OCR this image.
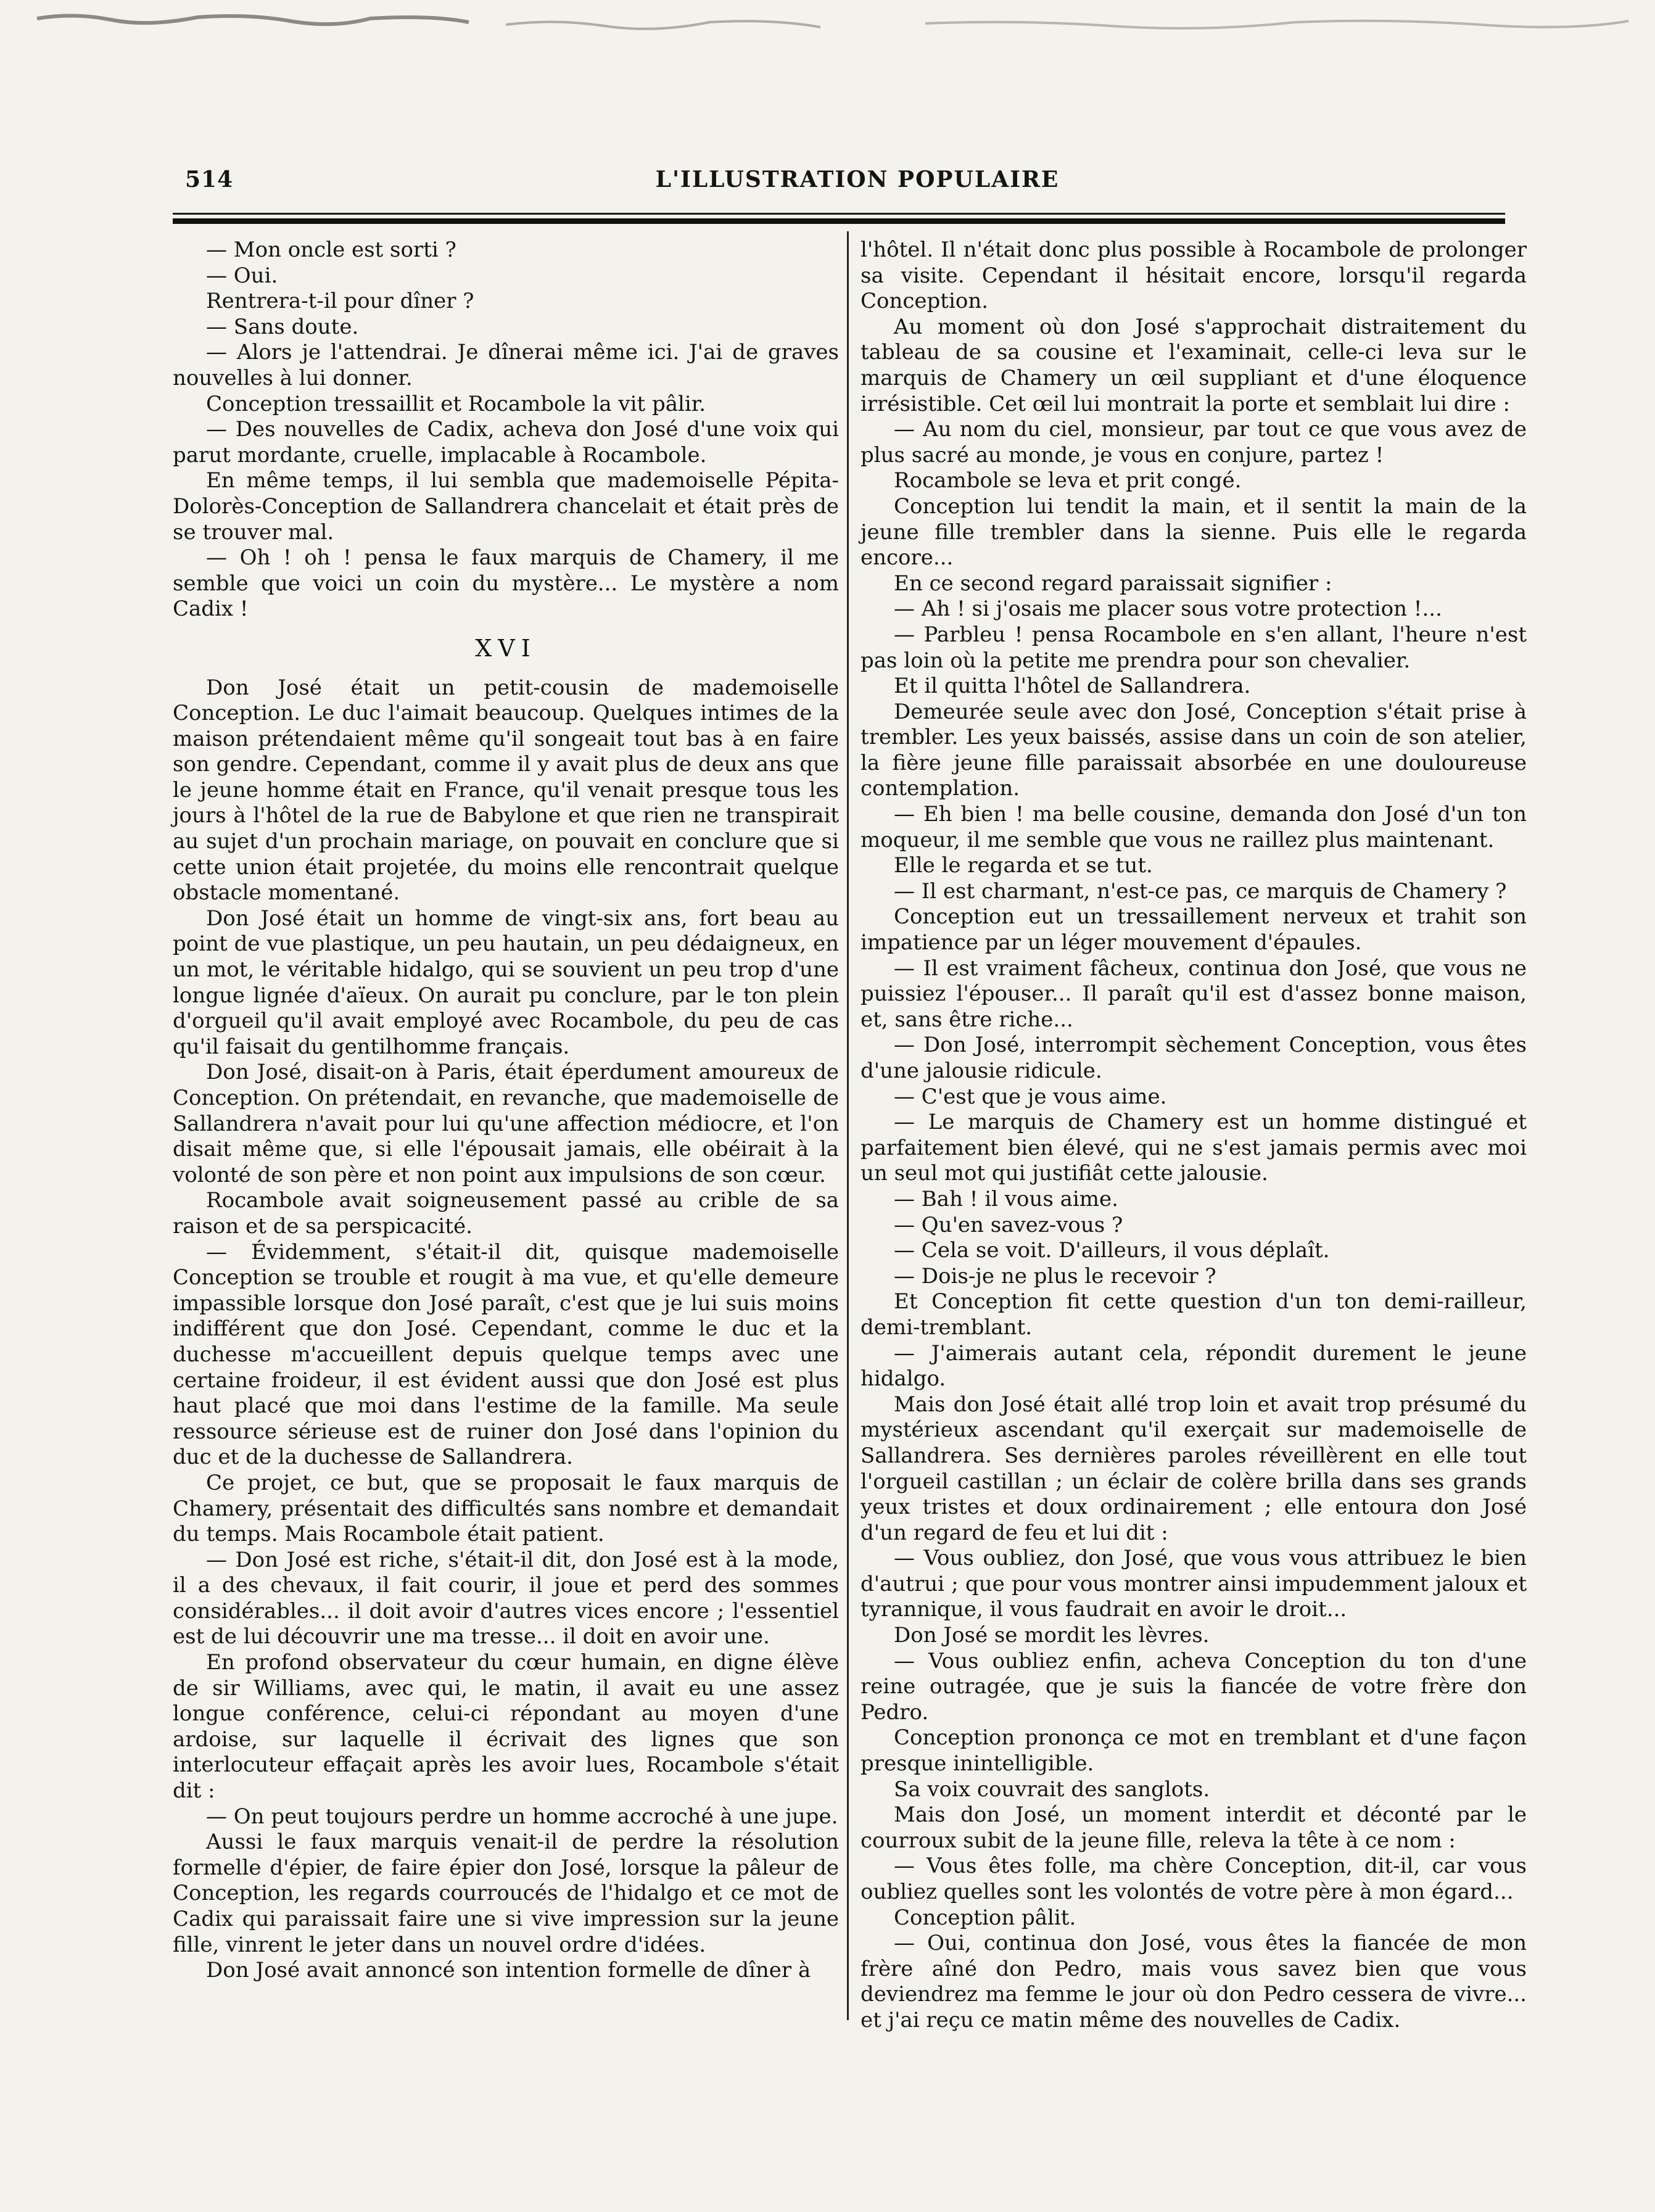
514	L'ILLUSTRATION POPULAIRE

— Mon oncle est sorti ?

— Oui.

Rentrera-t-il pour dîner ?

— Sans doute.

— Alors je l'attendrai. Je dînerai même ici. J'ai de graves nouvelles à lui donner.

Conception tressaillit et Rocambole la vit pâlir.

— Des nouvelles de Cadix, acheva don José d'une voix qui parut mordante, cruelle, implacable à Rocambole.

En même temps, il lui sembla que mademoiselle Pépita-Dolorès-Conception de Sallandrera chancelait et était près de se trouver mal.

— Oh ! oh ! pensa le faux marquis de Chamery, il me semble que voici un coin du mystère... Le mystère a nom Cadix !

XVI

Don José était un petit-cousin de mademoiselle Conception. Le duc l'aimait beaucoup. Quelques intimes de la maison prétendaient même qu'il songeait tout bas à en faire son gendre. Cependant, comme il y avait plus de deux ans que le jeune homme était en France, qu'il venait presque tous les jours à l'hôtel de la rue de Babylone et que rien ne transpirait au sujet d'un prochain mariage, on pouvait en conclure que si cette union était projetée, du moins elle rencontrait quelque obstacle momentané.

Don José était un homme de vingt-six ans, fort beau au point de vue plastique, un peu hautain, un peu dédaigneux, en un mot, le véritable hidalgo, qui se souvient un peu trop d'une longue lignée d'aïeux. On aurait pu conclure, par le ton plein d'orgueil qu'il avait employé avec Rocambole, du peu de cas qu'il faisait du gentilhomme français.

Don José, disait-on à Paris, était éperdument amoureux de Conception. On prétendait, en revanche, que mademoiselle de Sallandrera n'avait pour lui qu'une affection médiocre, et l'on disait même que, si elle l'épousait jamais, elle obéirait à la volonté de son père et non point aux impulsions de son cœur.

Rocambole avait soigneusement passé au crible de sa raison et de sa perspicacité.

— Évidemment, s'était-il dit, quisque mademoiselle Conception se trouble et rougit à ma vue, et qu'elle demeure impassible lorsque don José paraît, c'est que je lui suis moins indifférent que don José. Cependant, comme le duc et la duchesse m'accueillent depuis quelque temps avec une certaine froideur, il est évident aussi que don José est plus haut placé que moi dans l'estime de la famille. Ma seule ressource sérieuse est de ruiner don José dans l'opinion du duc et de la duchesse de Sallandrera.

Ce projet, ce but, que se proposait le faux marquis de Chamery, présentait des difficultés sans nombre et demandait du temps. Mais Rocambole était patient.

— Don José est riche, s'était-il dit, don José est à la mode, il a des chevaux, il fait courir, il joue et perd des sommes considérables... il doit avoir d'autres vices encore ; l'essentiel est de lui découvrir une ma tresse... il doit en avoir une.

En profond observateur du cœur humain, en digne élève de sir Williams, avec qui, le matin, il avait eu une assez longue conférence, celui-ci répondant au moyen d'une ardoise, sur laquelle il écrivait des lignes que son interlocuteur effaçait après les avoir lues, Rocambole s'était dit :

— On peut toujours perdre un homme accroché à une jupe.

Aussi le faux marquis venait-il de perdre la résolution formelle d'épier, de faire épier don José, lorsque la pâleur de Conception, les regards courroucés de l'hidalgo et ce mot de Cadix qui paraissait faire une si vive impression sur la jeune fille, vinrent le jeter dans un nouvel ordre d'idées.

Don José avait annoncé son intention formelle de dîner à

l'hôtel. Il n'était donc plus possible à Rocambole de prolonger sa visite. Cependant il hésitait encore, lorsqu'il regarda Conception.

Au moment où don José s'approchait distraitement du tableau de sa cousine et l'examinait, celle-ci leva sur le marquis de Chamery un œil suppliant et d'une éloquence irrésistible. Cet œil lui montrait la porte et semblait lui dire :

— Au nom du ciel, monsieur, par tout ce que vous avez de plus sacré au monde, je vous en conjure, partez !

Rocambole se leva et prit congé.

Conception lui tendit la main, et il sentit la main de la jeune fille trembler dans la sienne. Puis elle le regarda encore...

En ce second regard paraissait signifier :

— Ah ! si j'osais me placer sous votre protection !...

— Parbleu ! pensa Rocambole en s'en allant, l'heure n'est pas loin où la petite me prendra pour son chevalier.

Et il quitta l'hôtel de Sallandrera.

Demeurée seule avec don José, Conception s'était prise à trembler. Les yeux baissés, assise dans un coin de son atelier, la fière jeune fille paraissait absorbée en une douloureuse contemplation.

— Eh bien ! ma belle cousine, demanda don José d'un ton moqueur, il me semble que vous ne raillez plus maintenant.

Elle le regarda et se tut.

— Il est charmant, n'est-ce pas, ce marquis de Chamery ?

Conception eut un tressaillement nerveux et trahit son impatience par un léger mouvement d'épaules.

— Il est vraiment fâcheux, continua don José, que vous ne puissiez l'épouser... Il paraît qu'il est d'assez bonne maison, et, sans être riche...

— Don José, interrompit sèchement Conception, vous êtes d'une jalousie ridicule.

— C'est que je vous aime.

— Le marquis de Chamery est un homme distingué et parfaitement bien élevé, qui ne s'est jamais permis avec moi un seul mot qui justifiât cette jalousie.

— Bah ! il vous aime.

— Qu'en savez-vous ?

— Cela se voit. D'ailleurs, il vous déplaît.

— Dois-je ne plus le recevoir ?

Et Conception fit cette question d'un ton demi-railleur, demi-tremblant.

— J'aimerais autant cela, répondit durement le jeune hidalgo.

Mais don José était allé trop loin et avait trop présumé du mystérieux ascendant qu'il exerçait sur mademoiselle de Sallandrera. Ses dernières paroles réveillèrent en elle tout l'orgueil castillan ; un éclair de colère brilla dans ses grands yeux tristes et doux ordinairement ; elle entoura don José d'un regard de feu et lui dit :

— Vous oubliez, don José, que vous vous attribuez le bien d'autrui ; que pour vous montrer ainsi impudemment jaloux et tyrannique, il vous faudrait en avoir le droit...

Don José se mordit les lèvres.

— Vous oubliez enfin, acheva Conception du ton d'une reine outragée, que je suis la fiancée de votre frère don Pedro.

Conception prononça ce mot en tremblant et d'une façon presque inintelligible.

Sa voix couvrait des sanglots.

Mais don José, un moment interdit et déconté par le courroux subit de la jeune fille, releva la tête à ce nom :

— Vous êtes folle, ma chère Conception, dit-il, car vous oubliez quelles sont les volontés de votre père à mon égard...

Conception pâlit.

— Oui, continua don José, vous êtes la fiancée de mon frère aîné don Pedro, mais vous savez bien que vous deviendrez ma femme le jour où don Pedro cessera de vivre... et j'ai reçu ce matin même des nouvelles de Cadix.
